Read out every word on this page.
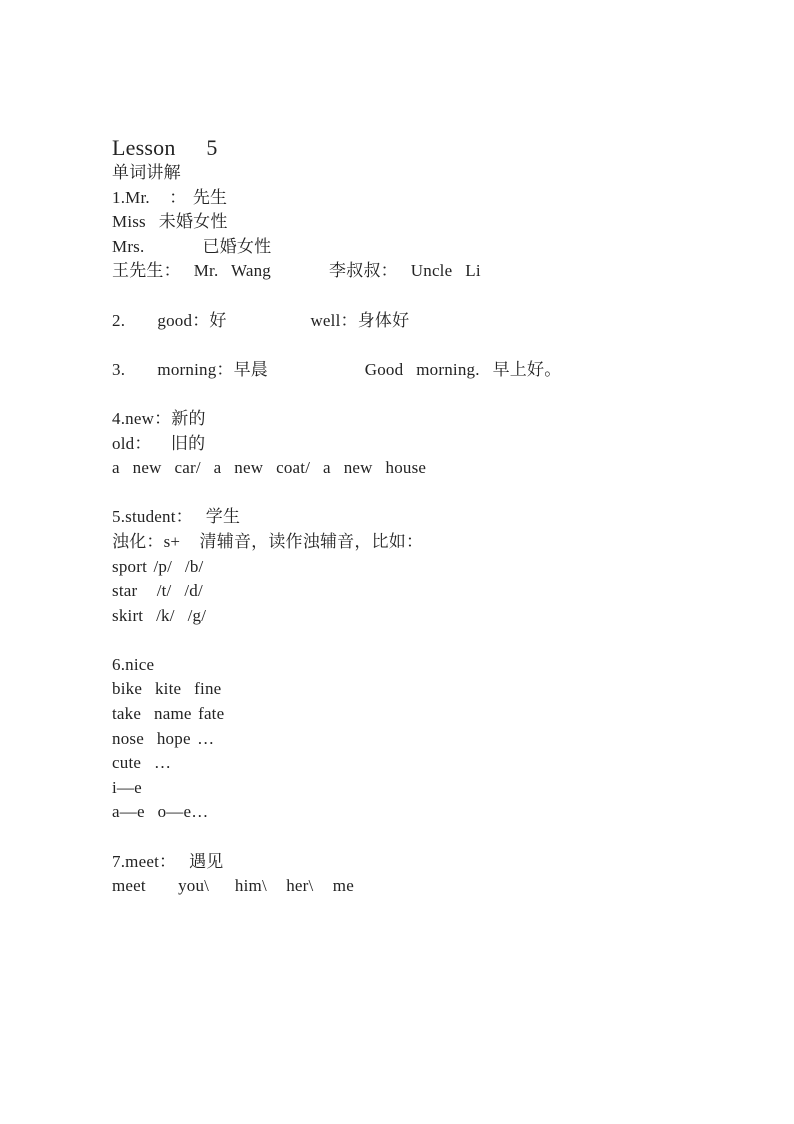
Lesson    5
单词讲解
1.Mr.   ： 先生
Miss  未婚女性
Mrs.         已婚女性
王先生：  Mr.  Wang         李叔叔：  Uncle  Li
2.     good：好             well：身体好
3.     morning：早晨               Good  morning.  早上好。
4.new：新的
old：   旧的
a  new  car/  a  new  coat/  a  new  house
5.student：  学生
浊化：s+   清辅音，读作浊辅音，比如：
sport /p/  /b/
star   /t/  /d/
skirt  /k/  /g/
6.nice
bike  kite  fine
take  name fate
nose  hope …
cute  …
i—e
a—e  o—e…
7.meet：  遇见
meet     you\    him\   her\   me
